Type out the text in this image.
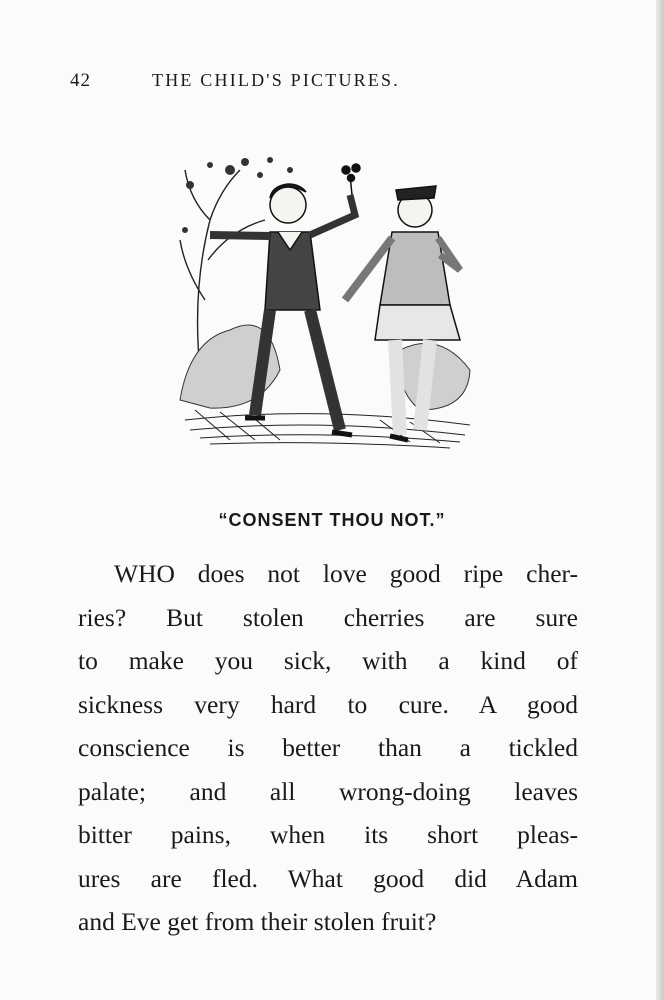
42	THE CHILD'S PICTURES.
“CONSENT THOU NOT.”
WHO does not love good ripe cher-
ries? But stolen cherries are sure
to make you sick, with a kind of
sickness very hard to cure. A good
conscience is better than a tickled
palate; and all wrong-doing leaves
bitter pains, when its short pleas-
ures are fled. What good did Adam
and Eve get from their stolen fruit?
